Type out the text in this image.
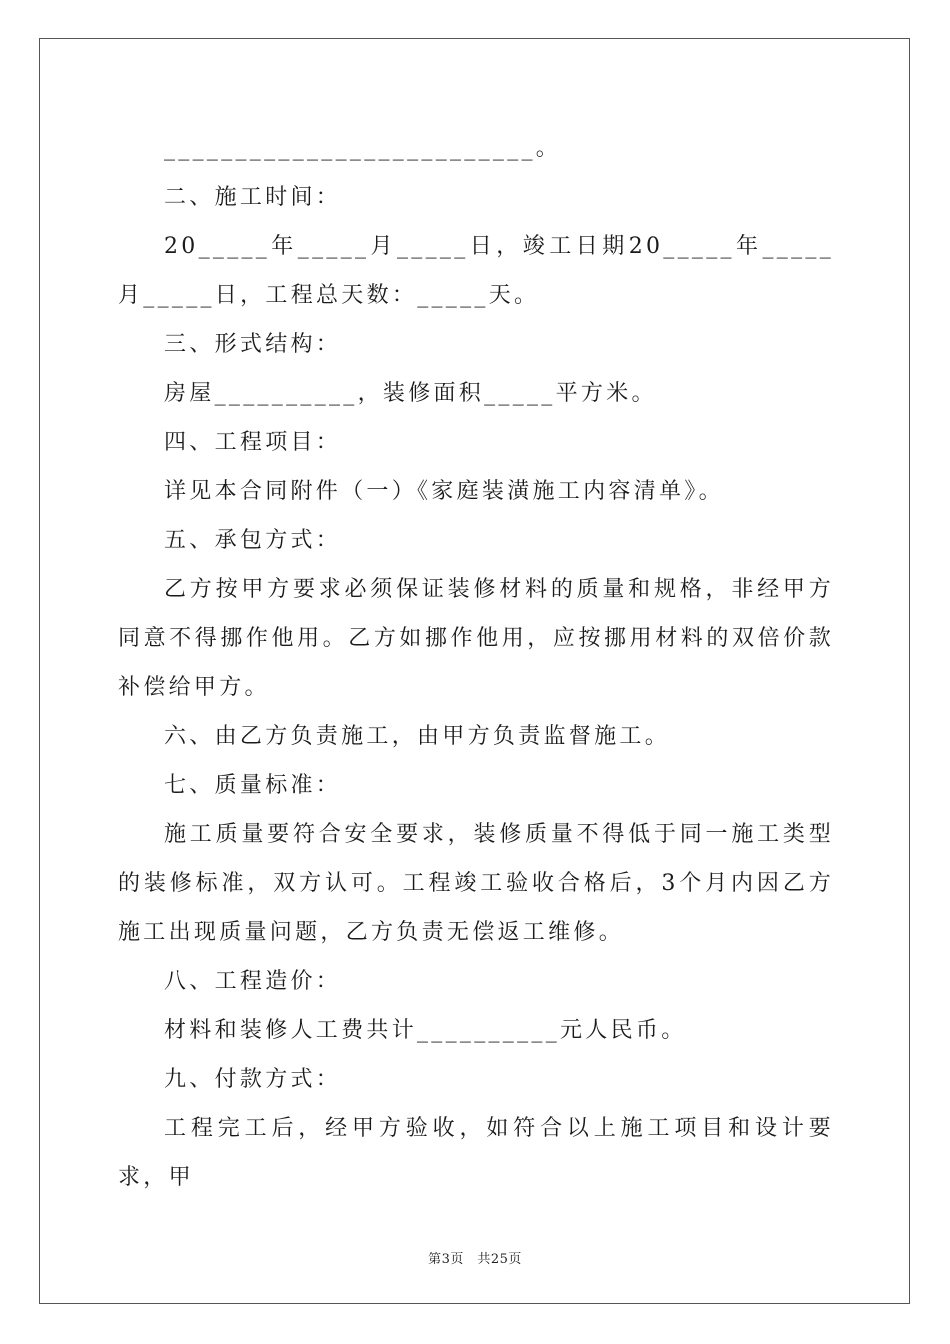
__________________________。

二、施工时间：

20_____年_____月_____日，竣工日期20_____年_____月_____日，工程总天数：_____天。

三、形式结构：

房屋__________，装修面积_____平方米。

四、工程项目：

详见本合同附件（一）《家庭装潢施工内容清单》。

五、承包方式：

乙方按甲方要求必须保证装修材料的质量和规格，非经甲方同意不得挪作他用。乙方如挪作他用，应按挪用材料的双倍价款补偿给甲方。

六、由乙方负责施工，由甲方负责监督施工。

七、质量标准：

施工质量要符合安全要求，装修质量不得低于同一施工类型的装修标准，双方认可。工程竣工验收合格后，3个月内因乙方施工出现质量问题，乙方负责无偿返工维修。

八、工程造价：

材料和装修人工费共计__________元人民币。

九、付款方式：

工程完工后，经甲方验收，如符合以上施工项目和设计要求，甲

第3页　共25页
